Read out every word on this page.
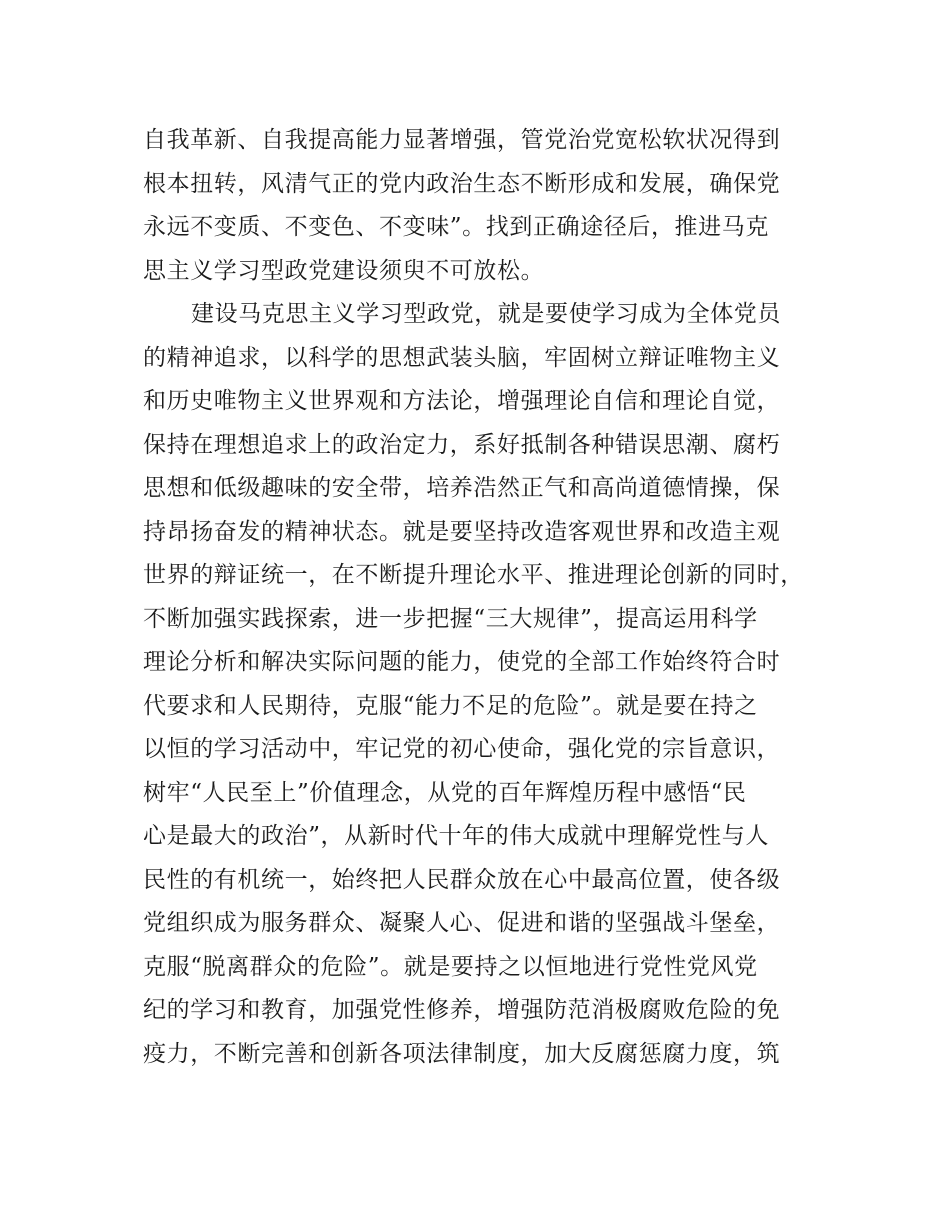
自我革新、自我提高能力显著增强，管党治党宽松软状况得到
根本扭转，风清气正的党内政治生态不断形成和发展，确保党
永远不变质、不变色、不变味”。找到正确途径后，推进马克
思主义学习型政党建设须臾不可放松。
建设马克思主义学习型政党，就是要使学习成为全体党员
的精神追求，以科学的思想武装头脑，牢固树立辩证唯物主义
和历史唯物主义世界观和方法论，增强理论自信和理论自觉，
保持在理想追求上的政治定力，系好抵制各种错误思潮、腐朽
思想和低级趣味的安全带，培养浩然正气和高尚道德情操，保
持昂扬奋发的精神状态。就是要坚持改造客观世界和改造主观
世界的辩证统一，在不断提升理论水平、推进理论创新的同时，
不断加强实践探索，进一步把握“三大规律”，提高运用科学
理论分析和解决实际问题的能力，使党的全部工作始终符合时
代要求和人民期待，克服“能力不足的危险”。就是要在持之
以恒的学习活动中，牢记党的初心使命，强化党的宗旨意识，
树牢“人民至上”价值理念，从党的百年辉煌历程中感悟“民
心是最大的政治”，从新时代十年的伟大成就中理解党性与人
民性的有机统一，始终把人民群众放在心中最高位置，使各级
党组织成为服务群众、凝聚人心、促进和谐的坚强战斗堡垒，
克服“脱离群众的危险”。就是要持之以恒地进行党性党风党
纪的学习和教育，加强党性修养，增强防范消极腐败危险的免
疫力，不断完善和创新各项法律制度，加大反腐惩腐力度，筑
